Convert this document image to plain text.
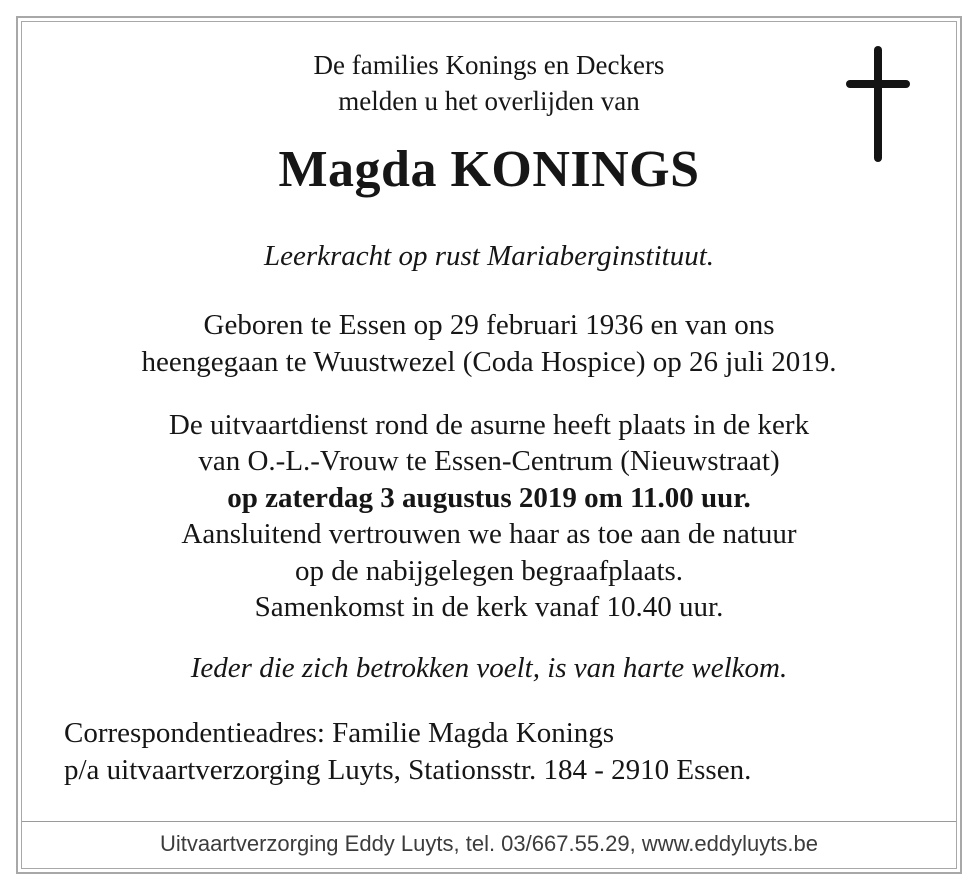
De families Konings en Deckers
melden u het overlijden van
Magda KONINGS
Leerkracht op rust Mariaberginstituut.
Geboren te Essen op 29 februari 1936 en van ons
heengegaan te Wuustwezel (Coda Hospice) op 26 juli 2019.
De uitvaartdienst rond de asurne heeft plaats in de kerk
van O.-L.-Vrouw te Essen-Centrum (Nieuwstraat)
op zaterdag 3 augustus 2019 om 11.00 uur.
Aansluitend vertrouwen we haar as toe aan de natuur
op de nabijgelegen begraafplaats.
Samenkomst in de kerk vanaf 10.40 uur.
Ieder die zich betrokken voelt, is van harte welkom.
Correspondentieadres: Familie Magda Konings
p/a uitvaartverzorging Luyts, Stationsstr. 184 - 2910 Essen.
Uitvaartverzorging Eddy Luyts, tel. 03/667.55.29, www.eddyluyts.be
